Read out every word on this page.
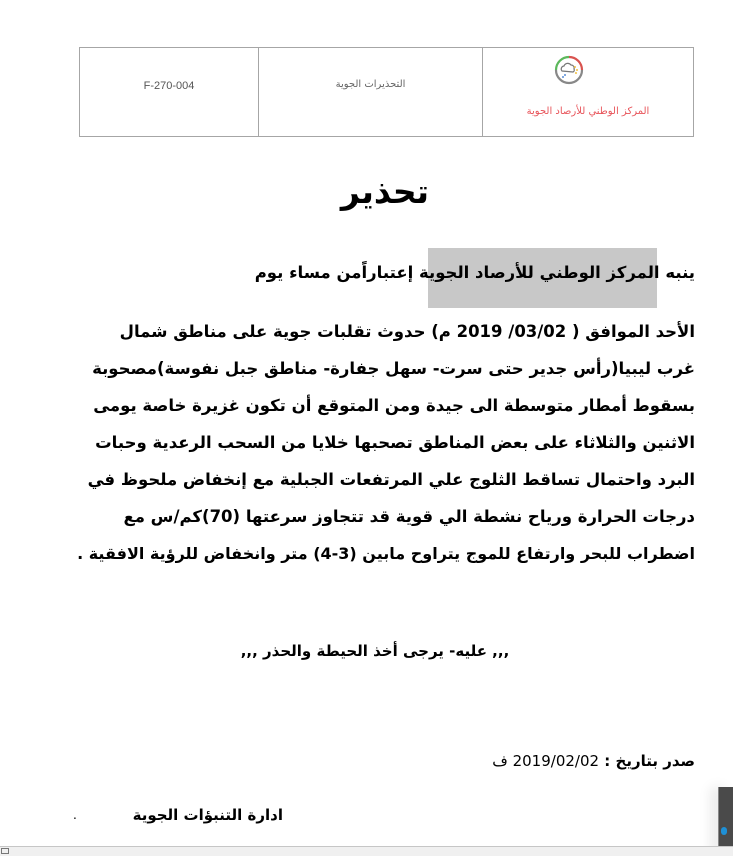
F-270-004	التحذيرات الجوية
المركز الوطني للأرصاد الجوية
تحذير
ينبه المركز الوطني للأرصاد الجوية إعتباراًمن مساء يوم
الأحد الموافق ( 03/02/ 2019 م) حدوث تقلبات جوية على مناطق شمال
غرب ليبيا(رأس جدير حتى سرت- سهل جفارة- مناطق جبل نفوسة)مصحوبة
بسقوط أمطار متوسطة الى جيدة ومن المتوقع أن تكون غزيرة خاصة يومى
الاثنين والثلاثاء على بعض المناطق تصحبها خلايا من السحب الرعدية وحبات
البرد واحتمال تساقط الثلوج علي المرتفعات الجبلية مع إنخفاض ملحوظ في
درجات الحرارة ورياح نشطة الي قوية قد تتجاوز سرعتها (70)كم/س مع
اضطراب للبحر وارتفاع للموج يتراوح مابين (3-4) متر وانخفاض للرؤية الافقية .
,,, عليه- يرجى أخذ الحيطة والحذر ,,,
صدر بتاريخ : 2019/02/02 ف
ادارة التنبؤات الجوية
.
